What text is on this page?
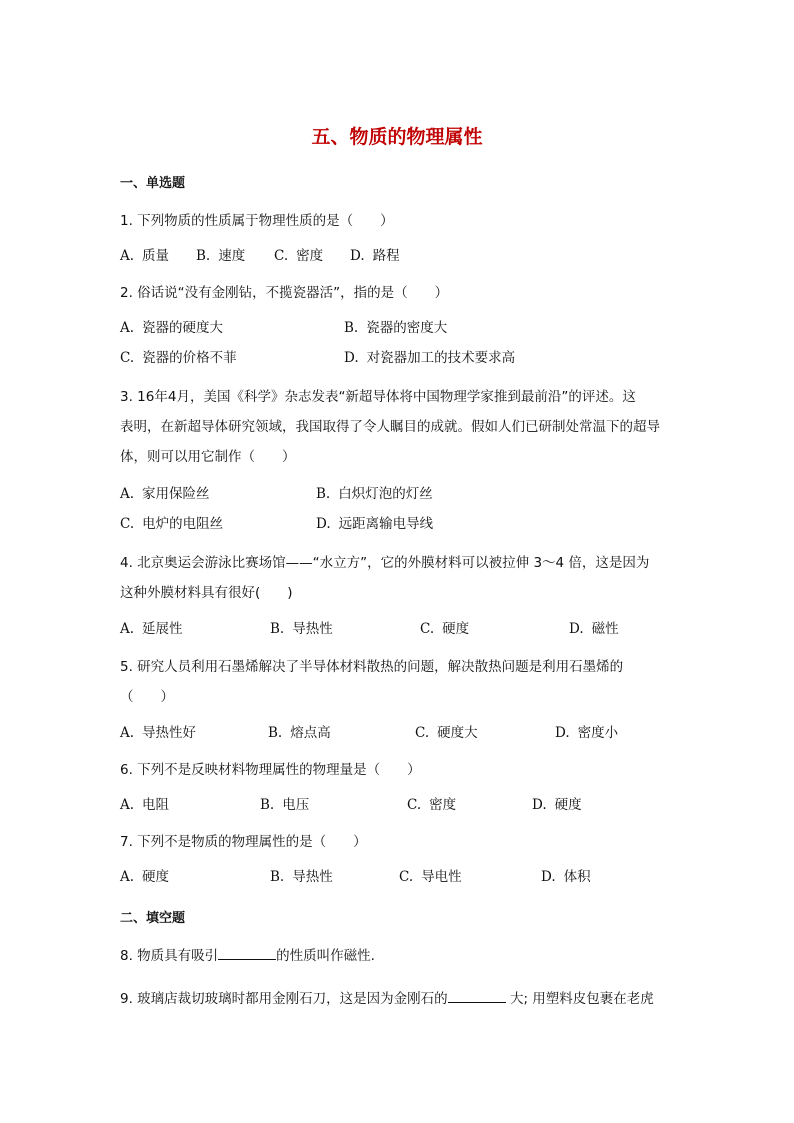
五、物质的物理属性
一、单选题
1. 下列物质的性质属于物理性质的是（　　）
A. 质量 B. 速度 C. 密度 D. 路程
2. 俗话说“没有金刚钻，不揽瓷器活”，指的是（　　）
A. 瓷器的硬度大	B. 瓷器的密度大
C. 瓷器的价格不菲	D. 对瓷器加工的技术要求高
3. 16年4月，美国《科学》杂志发表“新超导体将中国物理学家推到最前沿”的评述。这
表明，在新超导体研究领域，我国取得了令人瞩目的成就。假如人们已研制处常温下的超导
体，则可以用它制作（　　）
A. 家用保险丝	B. 白炽灯泡的灯丝
C. 电炉的电阻丝	D. 远距离输电导线
4. 北京奥运会游泳比赛场馆——“水立方”，它的外膜材料可以被拉伸 3～4 倍，这是因为
这种外膜材料具有很好(　　)
A. 延展性	B. 导热性	C. 硬度	D. 磁性
5. 研究人员利用石墨烯解决了半导体材料散热的问题，解决散热问题是利用石墨烯的
（　　）
A. 导热性好	B. 熔点高	C. 硬度大	D. 密度小
6. 下列不是反映材料物理属性的物理量是（　　）
A. 电阻	B. 电压	C. 密度	D. 硬度
7. 下列不是物质的物理属性的是（　　）
A. 硬度	B. 导热性	C. 导电性	D. 体积
二、填空题
8. 物质具有吸引	的性质叫作磁性.
9. 玻璃店裁切玻璃时都用金刚石刀，这是因为金刚石的	大; 用塑料皮包裹在老虎
